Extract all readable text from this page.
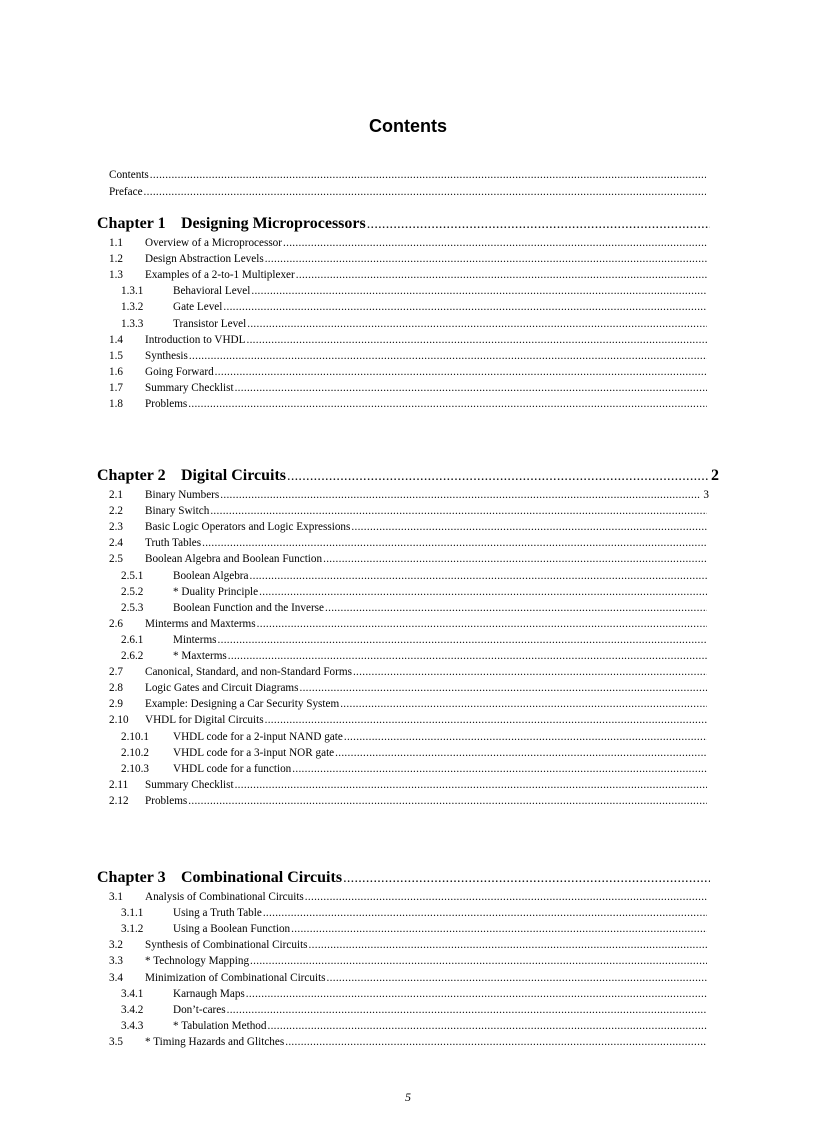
Contents
Contents
.....
Preface
.....
Chapter 1 Designing Microprocessors
.....
1.1	Overview of a Microprocessor
.....
1.2	Design Abstraction Levels
.....
1.3	Examples of a 2-to-1 Multiplexer
.....
1.3.1	Behavioral Level
.....
1.3.2	Gate Level
.....
1.3.3	Transistor Level
.....
1.4	Introduction to VHDL
.....
1.5	Synthesis
.....
1.6	Going Forward
.....
1.7	Summary Checklist
.....
1.8	Problems
.....
Chapter 2 Digital Circuits .....	2
2.1	Binary Numbers .....	3
2.2	Binary Switch
.....
2.3	Basic Logic Operators and Logic Expressions
.....
2.4	Truth Tables
.....
2.5	Boolean Algebra and Boolean Function
.....
2.5.1	Boolean Algebra
.....
2.5.2	* Duality Principle
.....
2.5.3	Boolean Function and the Inverse
.....
2.6	Minterms and Maxterms
.....
2.6.1	Minterms
.....
2.6.2	* Maxterms
.....
2.7	Canonical, Standard, and non-Standard Forms
.....
2.8	Logic Gates and Circuit Diagrams
.....
2.9	Example: Designing a Car Security System
.....
2.10	VHDL for Digital Circuits
.....
2.10.1	VHDL code for a 2-input NAND gate
.....
2.10.2	VHDL code for a 3-input NOR gate
.....
2.10.3	VHDL code for a function
.....
2.11	Summary Checklist
.....
2.12	Problems
.....
Chapter 3 Combinational Circuits
.....
3.1	Analysis of Combinational Circuits
.....
3.1.1	Using a Truth Table
.....
3.1.2	Using a Boolean Function
.....
3.2	Synthesis of Combinational Circuits
.....
3.3	* Technology Mapping
.....
3.4	Minimization of Combinational Circuits
.....
3.4.1	Karnaugh Maps
.....
3.4.2	Don’t-cares
.....
3.4.3	* Tabulation Method
.....
3.5	* Timing Hazards and Glitches
.....
5
